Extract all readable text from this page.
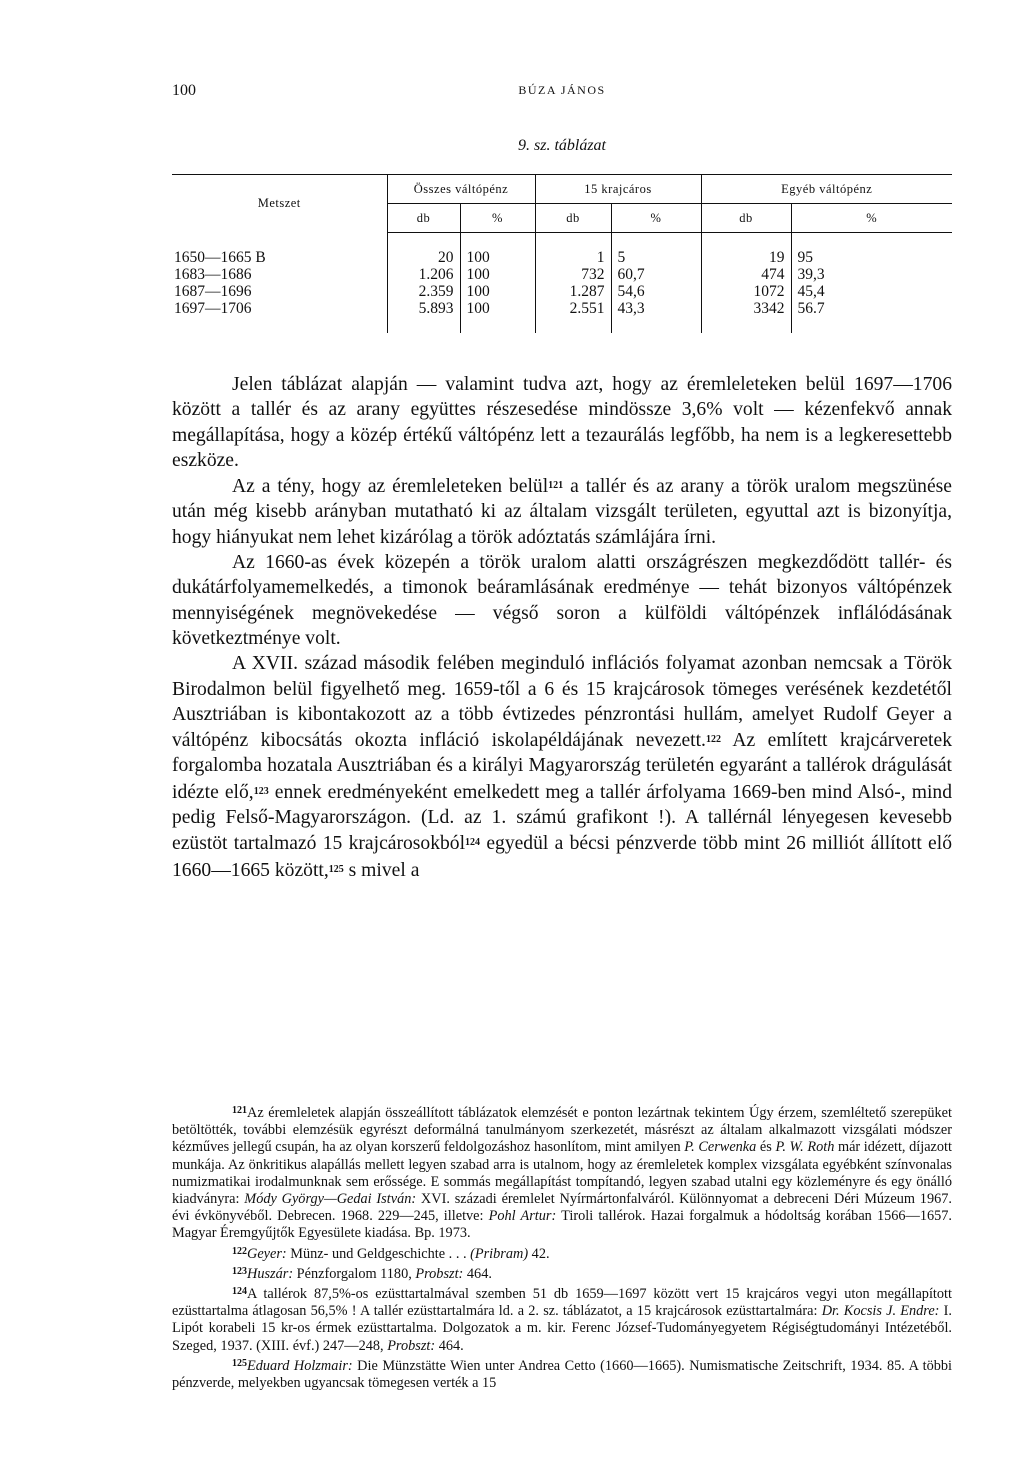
100	BÚZA JÁNOS
9. sz. táblázat
Metszet	Összes váltópénz		15 krajcáros		Egyéb váltópénz	
	db	%	db	%	db	%

1650—1665 B	20	100	1	5	19	95
1683—1686	1.206	100	732	60,7	474	39,3
1687—1696	2.359	100	1.287	54,6	1072	45,4
1697—1706	5.893	100	2.551	43,3	3342	56.7

Jelen táblázat alapján — valamint tudva azt, hogy az éremleleteken belül 1697—1706 között a tallér és az arany együttes részesedése mindössze 3,6% volt — kézenfekvő annak megállapítása, hogy a közép értékű váltópénz lett a tezaurálás legfőbb, ha nem is a legkeresettebb eszköze.

Az a tény, hogy az éremleleteken belül$^{121}$ a tallér és az arany a török uralom megszünése után még kisebb arányban mutatható ki az általam vizsgált területen, egyuttal azt is bizonyítja, hogy hiányukat nem lehet kizárólag a török adóztatás számlájára írni.

Az 1660-as évek közepén a török uralom alatti országrészen megkezdődött tallér- és dukátárfolyamemelkedés, a timonok beáramlásának eredménye — tehát bizonyos váltópénzek mennyiségének megnövekedése — végső soron a külföldi váltópénzek inflálódásának következtménye volt.

A XVII. század második felében meginduló inflációs folyamat azonban nemcsak a Török Birodalmon belül figyelhető meg. 1659-től a 6 és 15 krajcárosok tömeges verésének kezdetétől Ausztriában is kibontakozott az a több évtizedes pénzrontási hullám, amelyet Rudolf Geyer a váltópénz kibocsátás okozta infláció iskolapéldájának nevezett.$^{122}$ Az említett krajcárveretek forgalomba hozatala Ausztriában és a királyi Magyarország területén egyaránt a tallérok drágulását idézte elő,$^{123}$ ennek eredményeként emelkedett meg a tallér árfolyama 1669-ben mind Alsó-, mind pedig Felső-Magyarországon. (Ld. az 1. számú grafikont !). A tallérnál lényegesen kevesebb ezüstöt tartalmazó 15 krajcárosokból$^{124}$ egyedül a bécsi pénzverde több mint 26 milliót állított elő 1660—1665 között,$^{125}$ s mivel a

$^{121}$Az éremleletek alapján összeállított táblázatok elemzését e ponton lezártnak tekintem Úgy érzem, szemléltető szerepüket betöltötték, további elemzésük egyrészt deformálná tanulmányom szerkezetét, másrészt az általam alkalmazott vizsgálati módszer kézműves jellegű csupán, ha az olyan korszerű feldolgozáshoz hasonlítom, mint amilyen P. Cerwenka és P. W. Roth már idézett, díjazott munkája. Az önkritikus alapállás mellett legyen szabad arra is utalnom, hogy az éremleletek komplex vizsgálata egyébként színvonalas numizmatikai irodalmunknak sem erőssége. E sommás megállapítást tompítandó, legyen szabad utalni egy közleményre és egy önálló kiadványra: Módy György—Gedai István: XVI. századi éremlelet Nyírmártonfalváról. Különnyomat a debreceni Déri Múzeum 1967. évi évkönyvéből. Debrecen. 1968. 229—245, illetve: Pohl Artur: Tiroli tallérok. Hazai forgalmuk a hódoltság korában 1566—1657. Magyar Éremgyűjtők Egyesülete kiadása. Bp. 1973.

$^{122}$Geyer: Münz- und Geldgeschichte . . . (Pribram) 42.

$^{123}$Huszár: Pénzforgalom 1180, Probszt: 464.

$^{124}$A tallérok 87,5%-os ezüsttartalmával szemben 51 db 1659—1697 között vert 15 krajcáros vegyi uton megállapított ezüsttartalma átlagosan 56,5% ! A tallér ezüsttartalmára ld. a 2. sz. táblázatot, a 15 krajcárosok ezüsttartalmára: Dr. Kocsis J. Endre: I. Lipót korabeli 15 kr-os érmek ezüsttartalma. Dolgozatok a m. kir. Ferenc József-Tudományegyetem Régiségtudományi Intézetéből. Szeged, 1937. (XIII. évf.) 247—248, Probszt: 464.

$^{125}$Eduard Holzmair: Die Münzstätte Wien unter Andrea Cetto (1660—1665). Numismatische Zeitschrift, 1934. 85. A többi pénzverde, melyekben ugyancsak tömegesen verték a 15
